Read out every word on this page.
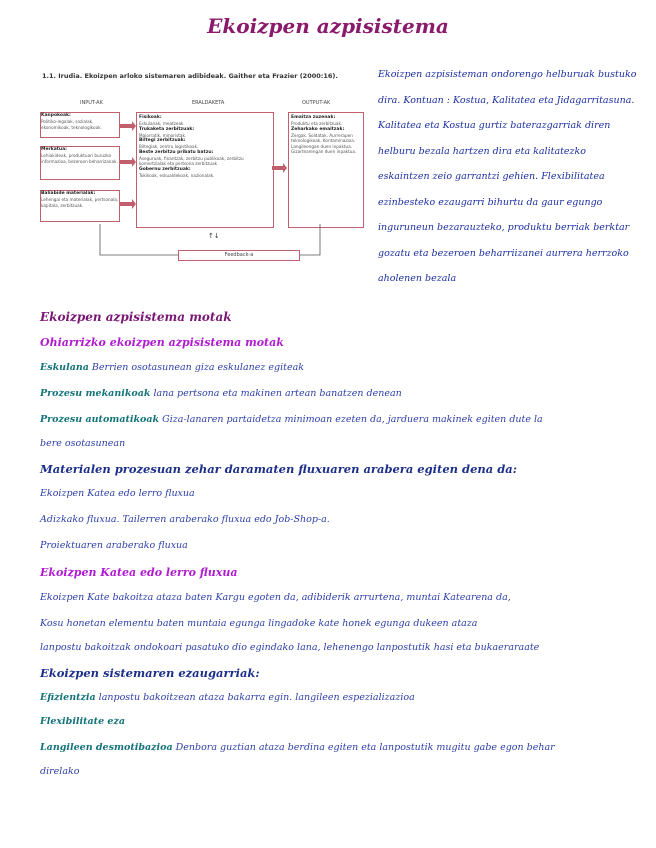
Ekoizpen azpisistema
1.1. Irudia. Ekoizpen arloko sistemaren adibideak. Gaither eta Frazier (2000:16).
INPUT-AK	ERALDAKETA	OUTPUT-AK
Kanpokoak:
Politiko-legalak, sozialak, ekonomikoak, teknologikoak.
Merkatua:
Lehiakideak, produktuari buruzko informazioa, bezeroen beharrizanak.
Baliabide materialak:
Lehengai eta materialak, pertsonala, kapitala, zerbitzuak.
Fisikoak:
Eskulanak, meatzeak
Trukaketa zerbitzuak:
Maiorratik, minoristak.
Biltegi zerbitzuak:
Biltegiak, zentru logistikoak.
Beste zerbitzu pribatu batzu:
Aseguruak, finantzak, zerbitzu publikoak, zerbitzu komertzialak eta pertsona zerbitzuak
Gobernu zerbitzuak:
Tokikoak, eskualdekoak, nazionalak.
Emaitza zuzenak:
Produktu eta zerbitzuak.
Zeharkako emaitzak:
Zergak. Soldatak. Aurrerapen teknologikoak. Kontaminazioa. Langileengan duen inpaktua. Gizartearengan duen inpaktua.
↑↓
Feedback-a
Ekoizpen azpisisteman ondorengo helburuak bustuko dira. Kontuan : Kostua, Kalitatea eta Jidagarritasuna. Kalitatea eta Kostua gurtiz baterazgarriak diren helburu bezala hartzen dira eta kalitatezko eskaintzen zeio garrantzi gehien. Flexibilitatea ezinbesteko ezaugarri bihurtu da gaur egungo inguruneun bezarauzteko, produktu berriak berktar gozatu eta bezeroen beharriizanei aurrera herrzoko aholenen bezala
Ekoizpen azpisistema motak
Ohiarrizko ekoizpen azpisistema motak
Eskulana Berrien osotasunean giza eskulanez egiteak
Prozesu mekanikoak lana pertsona eta makinen artean banatzen denean
Prozesu automatikoak Giza-lanaren partaidetza minimoan ezeten da, jarduera makinek egiten dute la
bere osotasunean
Materialen prozesuan zehar daramaten fluxuaren arabera egiten dena da:
Ekoizpen Katea edo lerro fluxua
Adizkako fluxua. Tailerren araberako fluxua edo Job-Shop-a.
Proiektuaren araberako fluxua
Ekoizpen Katea edo lerro fluxua
Ekoizpen Kate bakoitza ataza baten Kargu egoten da, adibiderik arrurtena, muntai Katearena da,
Kosu honetan elementu baten muntaia egunga lingadoke kate honek egunga dukeen ataza
lanpostu bakoitzak ondokoari pasatuko dio egindako lana, lehenengo lanpostutik hasi eta bukaeraraate
Ekoizpen sistemaren ezaugarriak:
Efizientzia lanpostu bakoitzean ataza bakarra egin. langileen espezializazioa
Flexibilitate eza
Langileen desmotibazioa Denbora guztian ataza berdina egiten eta lanpostutik mugitu gabe egon behar
direlako
